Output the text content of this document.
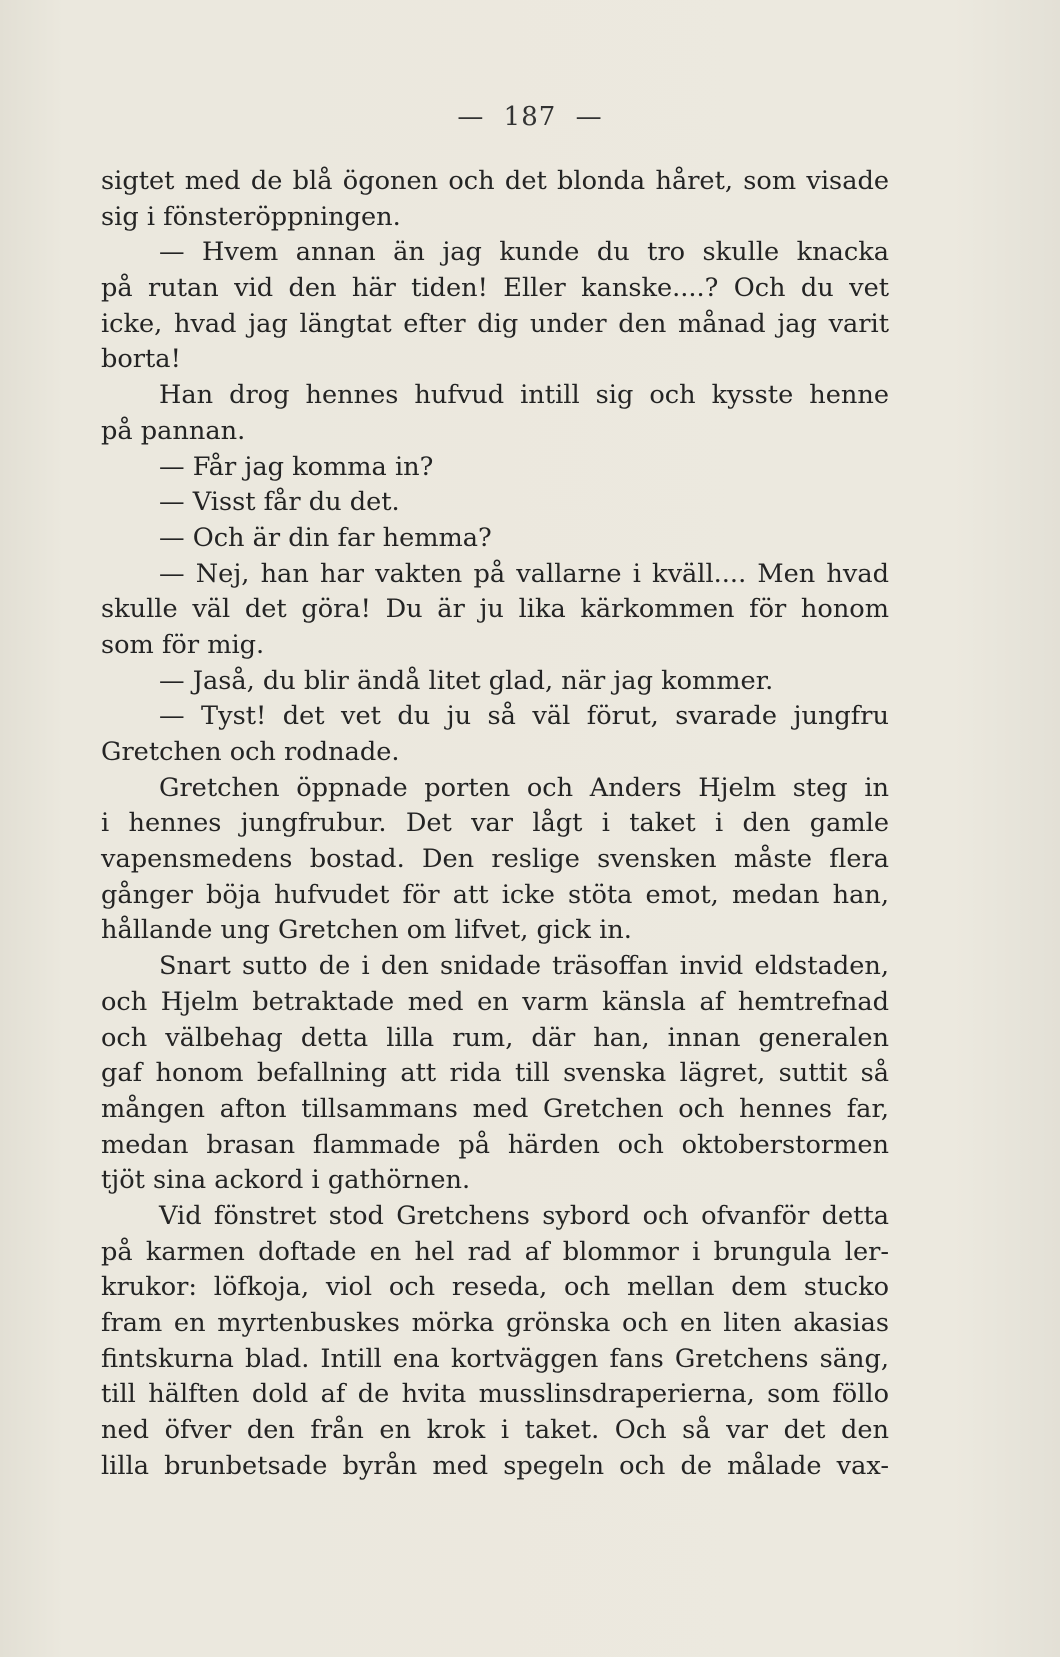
— 187 —
sigtet med de blå ögonen och det blonda håret, som visade
sig i fönsteröppningen.
— Hvem annan än jag kunde du tro skulle knacka
på rutan vid den här tiden! Eller kanske....? Och du vet
icke, hvad jag längtat efter dig under den månad jag varit
borta!
Han drog hennes hufvud intill sig och kysste henne
på pannan.
— Får jag komma in?
— Visst får du det.
— Och är din far hemma?
— Nej, han har vakten på vallarne i kväll.... Men hvad
skulle väl det göra! Du är ju lika kärkommen för honom
som för mig.
— Jaså, du blir ändå litet glad, när jag kommer.
— Tyst! det vet du ju så väl förut, svarade jungfru
Gretchen och rodnade.
Gretchen öppnade porten och Anders Hjelm steg in
i hennes jungfrubur. Det var lågt i taket i den gamle
vapensmedens bostad. Den reslige svensken måste flera
gånger böja hufvudet för att icke stöta emot, medan han,
hållande ung Gretchen om lifvet, gick in.
Snart sutto de i den snidade träsoffan invid eldstaden,
och Hjelm betraktade med en varm känsla af hemtrefnad
och välbehag detta lilla rum, där han, innan generalen
gaf honom befallning att rida till svenska lägret, suttit så
mången afton tillsammans med Gretchen och hennes far,
medan brasan flammade på härden och oktoberstormen
tjöt sina ackord i gathörnen.
Vid fönstret stod Gretchens sybord och ofvanför detta
på karmen doftade en hel rad af blommor i brungula ler-
krukor: löfkoja, viol och reseda, och mellan dem stucko
fram en myrtenbuskes mörka grönska och en liten akasias
fintskurna blad. Intill ena kortväggen fans Gretchens säng,
till hälften dold af de hvita musslinsdraperierna, som föllo
ned öfver den från en krok i taket. Och så var det den
lilla brunbetsade byrån med spegeln och de målade vax-
